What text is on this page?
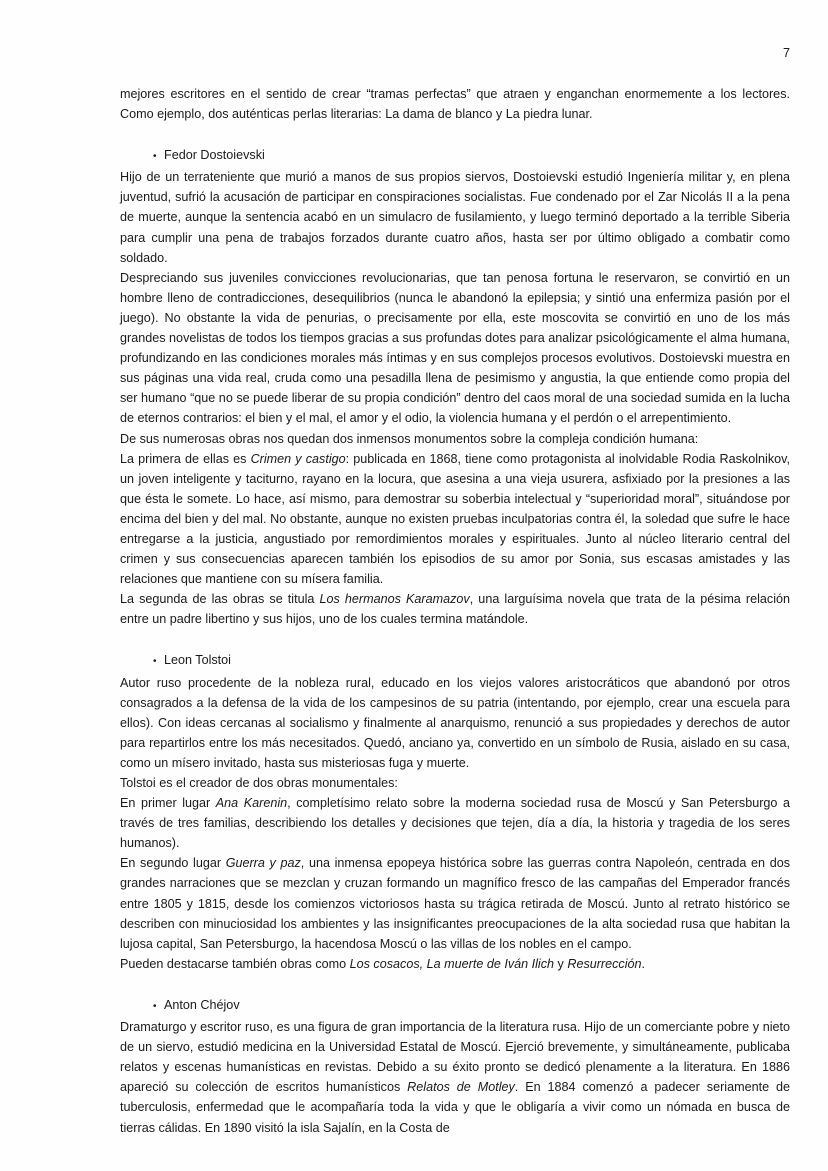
7

mejores escritores en el sentido de crear “tramas perfectas” que atraen y enganchan enormemente a los lectores. Como ejemplo, dos auténticas perlas literarias: La dama de blanco y La piedra lunar.

• Fedor Dostoievski

Hijo de un terrateniente que murió a manos de sus propios siervos, Dostoievski estudió Ingeniería militar y, en plena juventud, sufrió la acusación de participar en conspiraciones socialistas. Fue condenado por el Zar Nicolás II a la pena de muerte, aunque la sentencia acabó en un simulacro de fusilamiento, y luego terminó deportado a la terrible Siberia para cumplir una pena de trabajos forzados durante cuatro años, hasta ser por último obligado a combatir como soldado.

Despreciando sus juveniles convicciones revolucionarias, que tan penosa fortuna le reservaron, se convirtió en un hombre lleno de contradicciones, desequilibrios (nunca le abandonó la epilepsia; y sintió una enfermiza pasión por el juego). No obstante la vida de penurias, o precisamente por ella, este moscovita se convirtió en uno de los más grandes novelistas de todos los tiempos gracias a sus profundas dotes para analizar psicológicamente el alma humana, profundizando en las condiciones morales más íntimas y en sus complejos procesos evolutivos. Dostoievski muestra en sus páginas una vida real, cruda como una pesadilla llena de pesimismo y angustia, la que entiende como propia del ser humano “que no se puede liberar de su propia condición” dentro del caos moral de una sociedad sumida en la lucha de eternos contrarios: el bien y el mal, el amor y el odio, la violencia humana y el perdón o el arrepentimiento.

De sus numerosas obras nos quedan dos inmensos monumentos sobre la compleja condición humana:

La primera de ellas es Crimen y castigo: publicada en 1868, tiene como protagonista al inolvidable Rodia Raskolnikov, un joven inteligente y taciturno, rayano en la locura, que asesina a una vieja usurera, asfixiado por la presiones a las que ésta le somete. Lo hace, así mismo, para demostrar su soberbia intelectual y “superioridad moral”, situándose por encima del bien y del mal. No obstante, aunque no existen pruebas inculpatorias contra él, la soledad que sufre le hace entregarse a la justicia, angustiado por remordimientos morales y espirituales. Junto al núcleo literario central del crimen y sus consecuencias aparecen también los episodios de su amor por Sonia, sus escasas amistades y las relaciones que mantiene con su mísera familia.

La segunda de las obras se titula Los hermanos Karamazov, una larguísima novela que trata de la pésima relación entre un padre libertino y sus hijos, uno de los cuales termina matándole.

• Leon Tolstoi

Autor ruso procedente de la nobleza rural, educado en los viejos valores aristocráticos que abandonó por otros consagrados a la defensa de la vida de los campesinos de su patria (intentando, por ejemplo, crear una escuela para ellos). Con ideas cercanas al socialismo y finalmente al anarquismo, renunció a sus propiedades y derechos de autor para repartirlos entre los más necesitados. Quedó, anciano ya, convertido en un símbolo de Rusia, aislado en su casa, como un mísero invitado, hasta sus misteriosas fuga y muerte.

Tolstoi es el creador de dos obras monumentales:

En primer lugar Ana Karenin, completísimo relato sobre la moderna sociedad rusa de Moscú y San Petersburgo a través de tres familias, describiendo los detalles y decisiones que tejen, día a día, la historia y tragedia de los seres humanos).

En segundo lugar Guerra y paz, una inmensa epopeya histórica sobre las guerras contra Napoleón, centrada en dos grandes narraciones que se mezclan y cruzan formando un magnífico fresco de las campañas del Emperador francés entre 1805 y 1815, desde los comienzos victoriosos hasta su trágica retirada de Moscú. Junto al retrato histórico se describen con minuciosidad los ambientes y las insignificantes preocupaciones de la alta sociedad rusa que habitan la lujosa capital, San Petersburgo, la hacendosa Moscú o las villas de los nobles en el campo.

Pueden destacarse también obras como Los cosacos, La muerte de Iván Ilich y Resurrección.

• Anton Chéjov

Dramaturgo y escritor ruso, es una figura de gran importancia de la literatura rusa. Hijo de un comerciante pobre y nieto de un siervo, estudió medicina en la Universidad Estatal de Moscú. Ejerció brevemente, y simultáneamente, publicaba relatos y escenas humanísticas en revistas. Debido a su éxito pronto se dedicó plenamente a la literatura. En 1886 apareció su colección de escritos humanísticos Relatos de Motley. En 1884 comenzó a padecer seriamente de tuberculosis, enfermedad que le acompañaría toda la vida y que le obligaría a vivir como un nómada en busca de tierras cálidas. En 1890 visitó la isla Sajalín, en la Costa de
